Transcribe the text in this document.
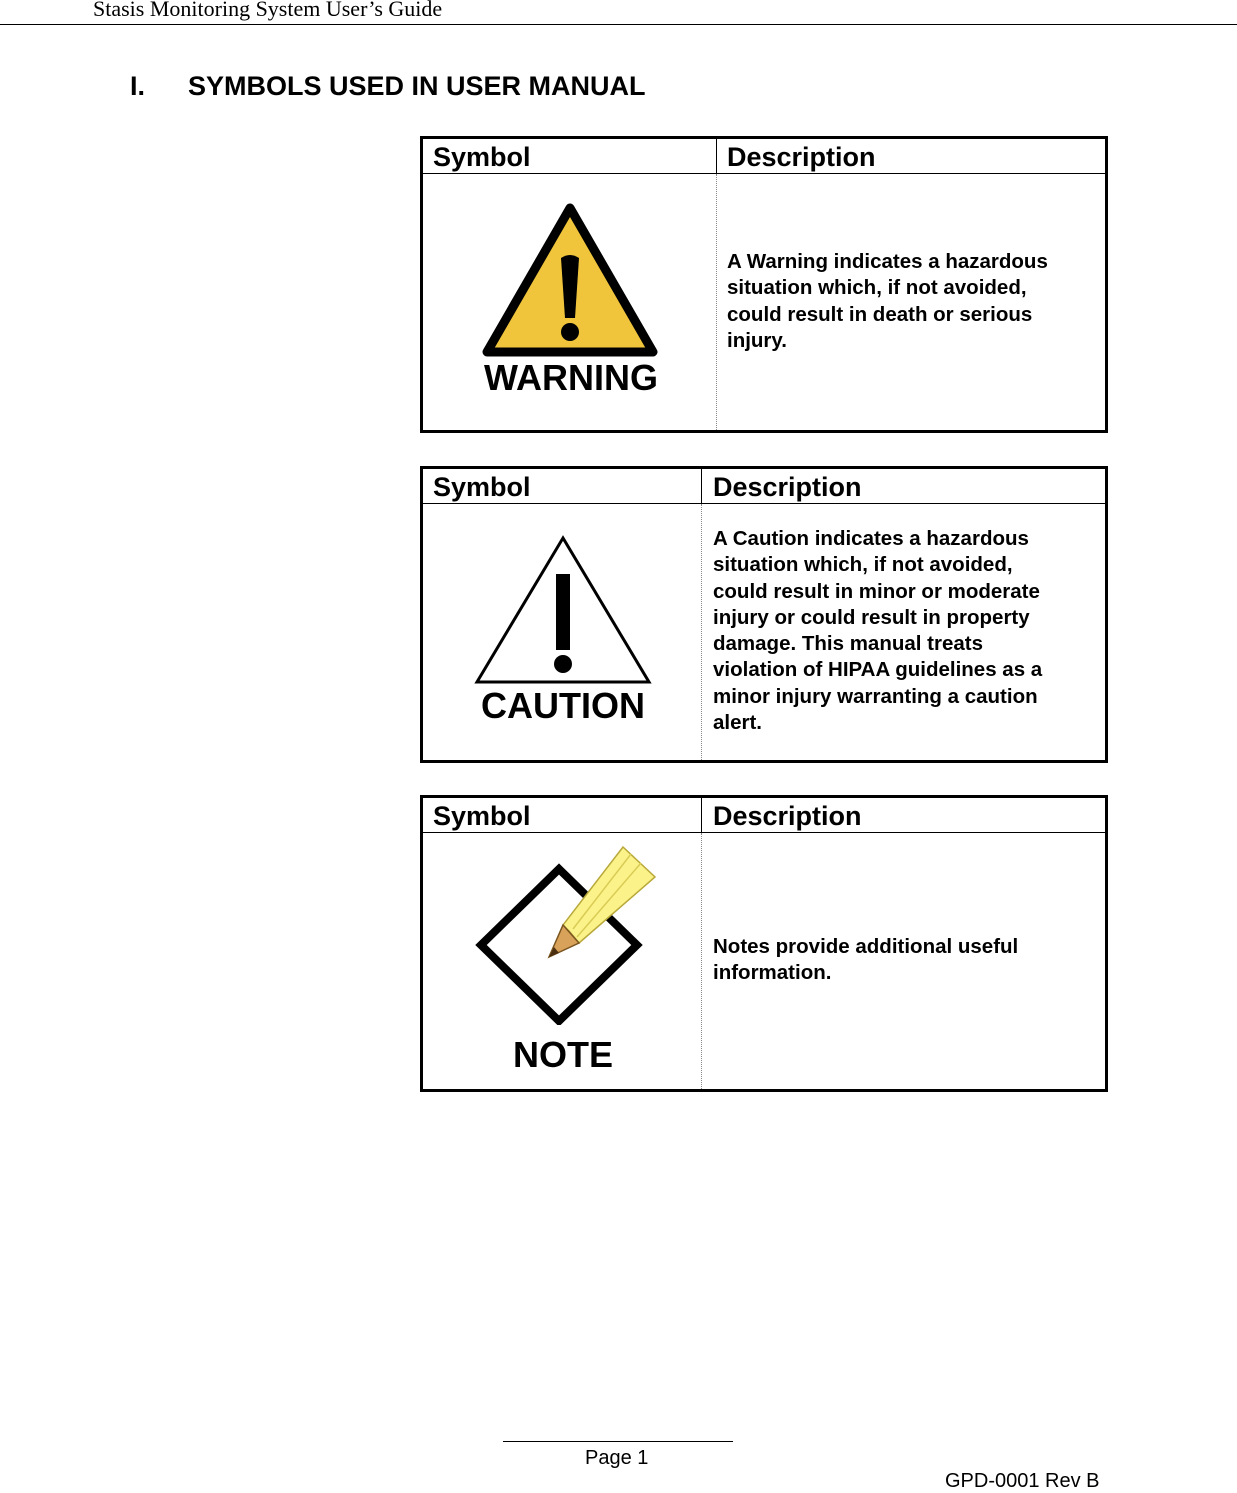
Stasis Monitoring System User’s Guide
I.	SYMBOLS USED IN USER MANUAL
Symbol	Description
WARNING

A Warning indicates a hazardous
situation which, if not avoided,
could result in death or serious
injury.

Symbol	Description
CAUTION

A Caution indicates a hazardous
situation which, if not avoided,
could result in minor or moderate
injury or could result in property
damage. This manual treats
violation of HIPAA guidelines as a
minor injury warranting a caution
alert.

Symbol	Description
NOTE

Notes provide additional useful
information.

Page 1
GPD-0001 Rev B
